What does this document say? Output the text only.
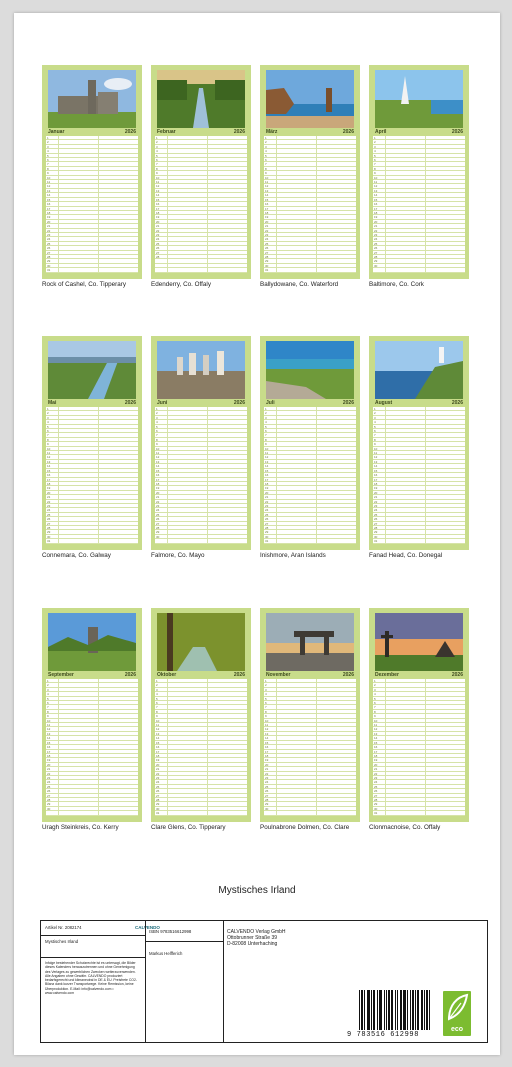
Januar	2026
1
2
3
4
5
6
7
8
9
10
11
12
13
14
15
16
17
18
19
20
21
22
23
24
25
26
27
28
29
30
31
Rock of Cashel, Co. Tipperary
Februar	2026
1
2
3
4
5
6
7
8
9
10
11
12
13
14
15
16
17
18
19
20
21
22
23
24
25
26
27
28
Edenderry, Co. Offaly
März	2026
1
2
3
4
5
6
7
8
9
10
11
12
13
14
15
16
17
18
19
20
21
22
23
24
25
26
27
28
29
30
31
Ballydowane, Co. Waterford
April	2026
1
2
3
4
5
6
7
8
9
10
11
12
13
14
15
16
17
18
19
20
21
22
23
24
25
26
27
28
29
30
Baltimore, Co. Cork
Mai	2026
1
2
3
4
5
6
7
8
9
10
11
12
13
14
15
16
17
18
19
20
21
22
23
24
25
26
27
28
29
30
31
Connemara, Co. Galway
Juni	2026
1
2
3
4
5
6
7
8
9
10
11
12
13
14
15
16
17
18
19
20
21
22
23
24
25
26
27
28
29
30
Falmore, Co. Mayo
Juli	2026
1
2
3
4
5
6
7
8
9
10
11
12
13
14
15
16
17
18
19
20
21
22
23
24
25
26
27
28
29
30
31
Inishmore, Aran Islands
August	2026
1
2
3
4
5
6
7
8
9
10
11
12
13
14
15
16
17
18
19
20
21
22
23
24
25
26
27
28
29
30
31
Fanad Head, Co. Donegal
September	2026
1
2
3
4
5
6
7
8
9
10
11
12
13
14
15
16
17
18
19
20
21
22
23
24
25
26
27
28
29
30
Uragh Steinkreis, Co. Kerry
Oktober	2026
1
2
3
4
5
6
7
8
9
10
11
12
13
14
15
16
17
18
19
20
21
22
23
24
25
26
27
28
29
30
31
Clare Glens, Co. Tipperary
November	2026
1
2
3
4
5
6
7
8
9
10
11
12
13
14
15
16
17
18
19
20
21
22
23
24
25
26
27
28
29
30
Poulnabrone Dolmen, Co. Clare
Dezember	2026
1
2
3
4
5
6
7
8
9
10
11
12
13
14
15
16
17
18
19
20
21
22
23
24
25
26
27
28
29
30
31
Clonmacnoise, Co. Offaly
Mystisches Irland
Artikel Nr. 2082174	CALVENDO
Mystisches Irland
Infolge bestehender Schutzrechte ist es untersagt, die Bilder dieses Kalenders herauszutrennen und ohne Genehmigung des Verlages zu gewerblichen Zwecken weiterzuverwenden. Alle Angaben ohne Gewähr. CALVENDO produziert bedarfsgerecht und klimaneutral in DE & EU. Preisfrete CO2-Bilanz dank kurzer Transportwege. Keine Remission, keine Überproduktion. E-Mail: info@calvendo.com • www.calvendo.com
ISBN 9783516612998
Markus Helfferich
CALVENDO Verlag GmbH
Ottobrunner Straße 39
D-82008 Unterhaching
9 783516 612998
eco
